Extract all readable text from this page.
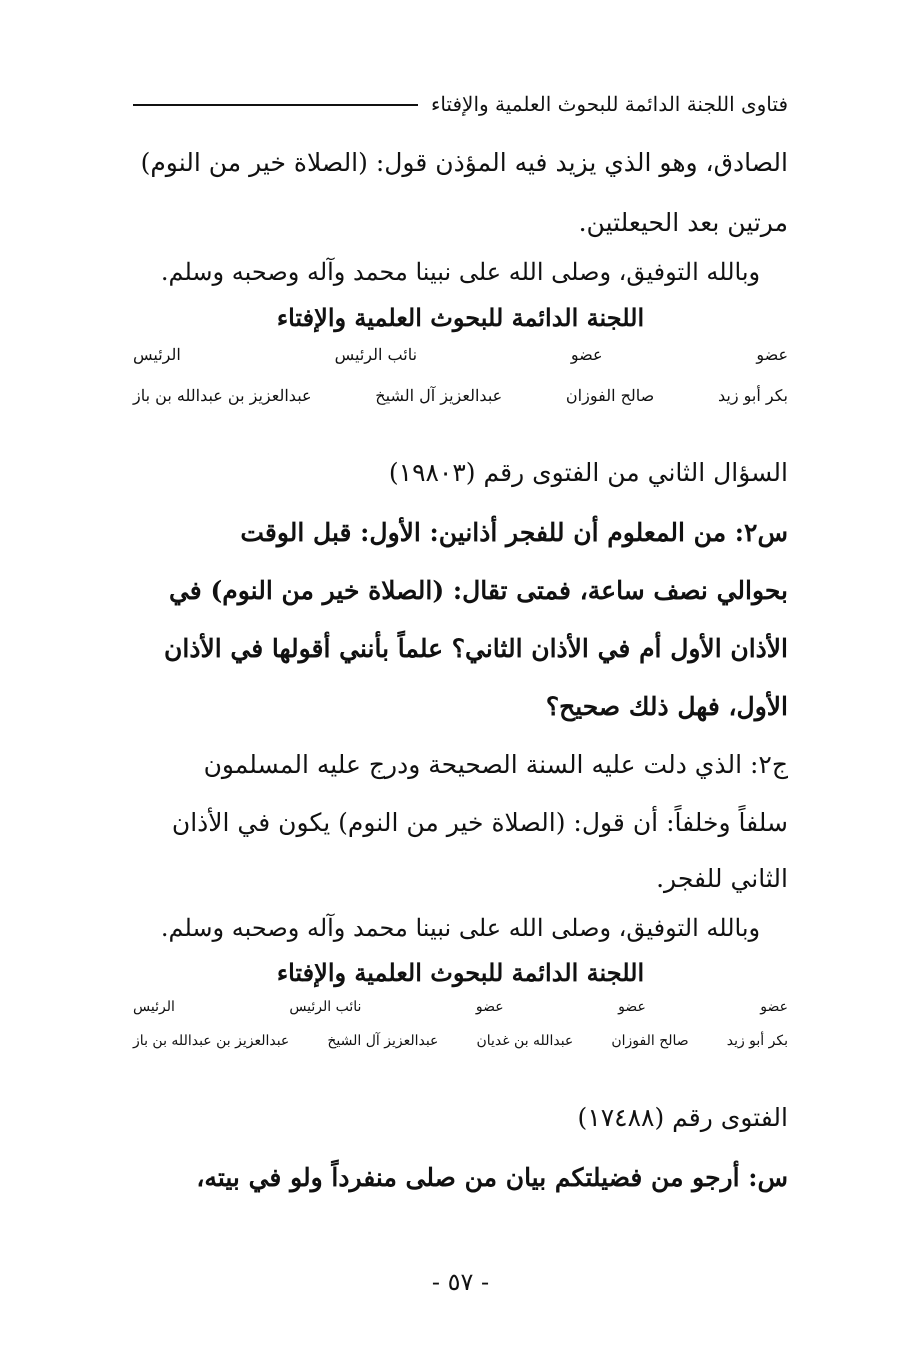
فتاوى اللجنة الدائمة للبحوث العلمية والإفتاء
الصادق، وهو الذي يزيد فيه المؤذن قول: (الصلاة خير من النوم)
مرتين بعد الحيعلتين.
وبالله التوفيق، وصلى الله على نبينا محمد وآله وصحبه وسلم.
اللجنة الدائمة للبحوث العلمية والإفتاء
عضو
عضو
نائب الرئيس
الرئيس
بكر أبو زيد
صالح الفوزان
عبدالعزيز آل الشيخ
عبدالعزيز بن عبدالله بن باز
السؤال الثاني من الفتوى رقم (١٩٨٠٣)
س٢: من المعلوم أن للفجر أذانين: الأول: قبل الوقت
بحوالي نصف ساعة، فمتى تقال: (الصلاة خير من النوم) في
الأذان الأول أم في الأذان الثاني؟ علماً بأنني أقولها في الأذان
الأول، فهل ذلك صحيح؟
ج٢: الذي دلت عليه السنة الصحيحة ودرج عليه المسلمون
سلفاً وخلفاً: أن قول: (الصلاة خير من النوم) يكون في الأذان
الثاني للفجر.
وبالله التوفيق، وصلى الله على نبينا محمد وآله وصحبه وسلم.
اللجنة الدائمة للبحوث العلمية والإفتاء
عضو
عضو
عضو
نائب الرئيس
الرئيس
بكر أبو زيد
صالح الفوزان
عبدالله بن غديان
عبدالعزيز آل الشيخ
عبدالعزيز بن عبدالله بن باز
الفتوى رقم (١٧٤٨٨)
س: أرجو من فضيلتكم بيان من صلى منفرداً ولو في بيته،
- ٥٧ -
